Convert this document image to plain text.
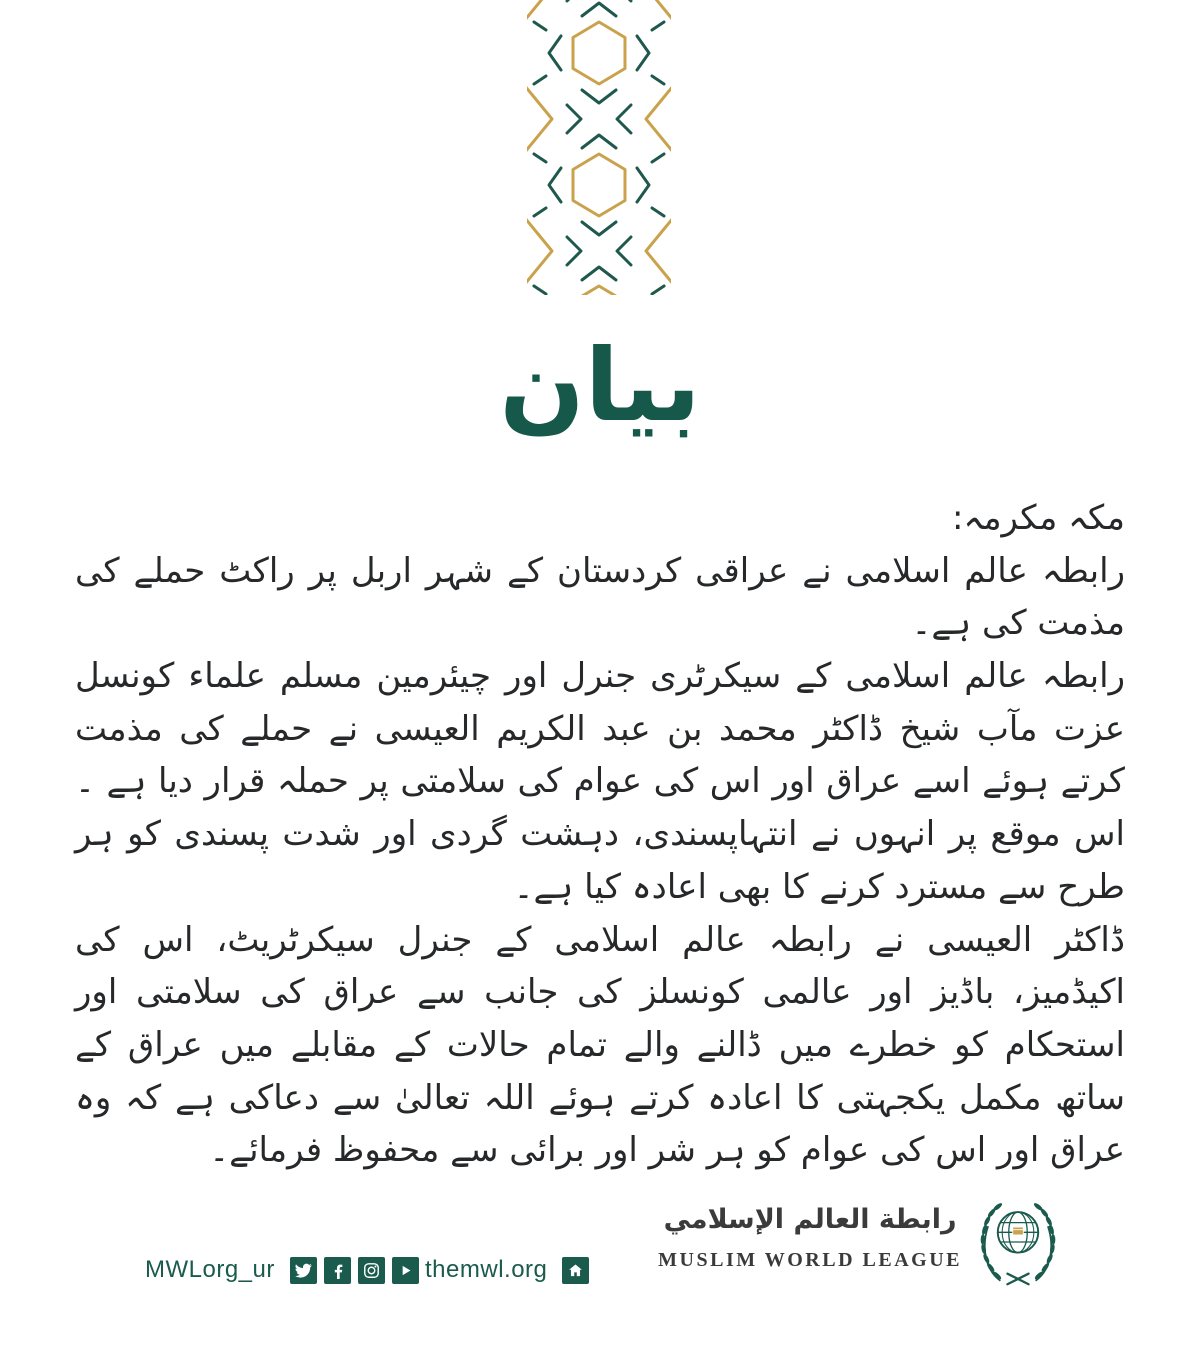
بیان

مکہ مکرمہ:

رابطہ عالم اسلامی نے عراقی کردستان کے شہر اربل پر راکٹ حملے کی مذمت کی ہے۔

رابطہ عالم اسلامی کے سیکرٹری جنرل اور چیئرمین مسلم علماء کونسل عزت مآب شیخ ڈاکٹر محمد بن عبد الکریم العیسی نے حملے کی مذمت کرتے ہوئے اسے عراق اور اس کی عوام کی سلامتی پر حملہ قرار دیا ہے ۔اس موقع پر انہوں نے انتہاپسندی، دہشت گردی اور شدت پسندی کو ہر طرح سے مسترد کرنے کا بھی اعادہ کیا ہے۔

ڈاکٹر العیسی نے رابطہ عالم اسلامی کے جنرل سیکرٹریٹ، اس کی اکیڈمیز، باڈیز اور عالمی کونسلز کی جانب سے عراق کی سلامتی اور استحکام کو خطرے میں ڈالنے والے تمام حالات کے مقابلے میں عراق کے ساتھ مکمل یکجہتی کا اعادہ کرتے ہوئے اللہ تعالیٰ سے دعاکی ہے کہ وہ عراق اور اس کی عوام کو ہر شر اور برائی سے محفوظ فرمائے۔

MWLorg_ur	themwl.org
رابطة العالم الإسلامي
MUSLIM WORLD LEAGUE
